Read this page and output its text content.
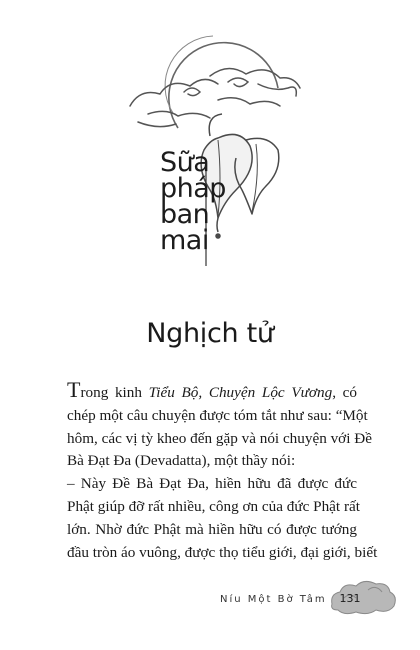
Sữa
pháp
ban
mai
Nghịch tử

Trong kinh Tiểu Bộ, Chuyện Lộc Vương, có
chép một câu chuyện được tóm tắt như sau: “Một
hôm, các vị tỳ kheo đến gặp và nói chuyện với Đề
Bà Đạt Đa (Devadatta), một thầy nói:

– Này Đề Bà Đạt Đa, hiền hữu đã được đức
Phật giúp đỡ rất nhiều, công ơn của đức Phật rất
lớn. Nhờ đức Phật mà hiền hữu có được tướng
đầu tròn áo vuông, được thọ tiểu giới, đại giới, biết

Níu Một Bờ Tâm 131
